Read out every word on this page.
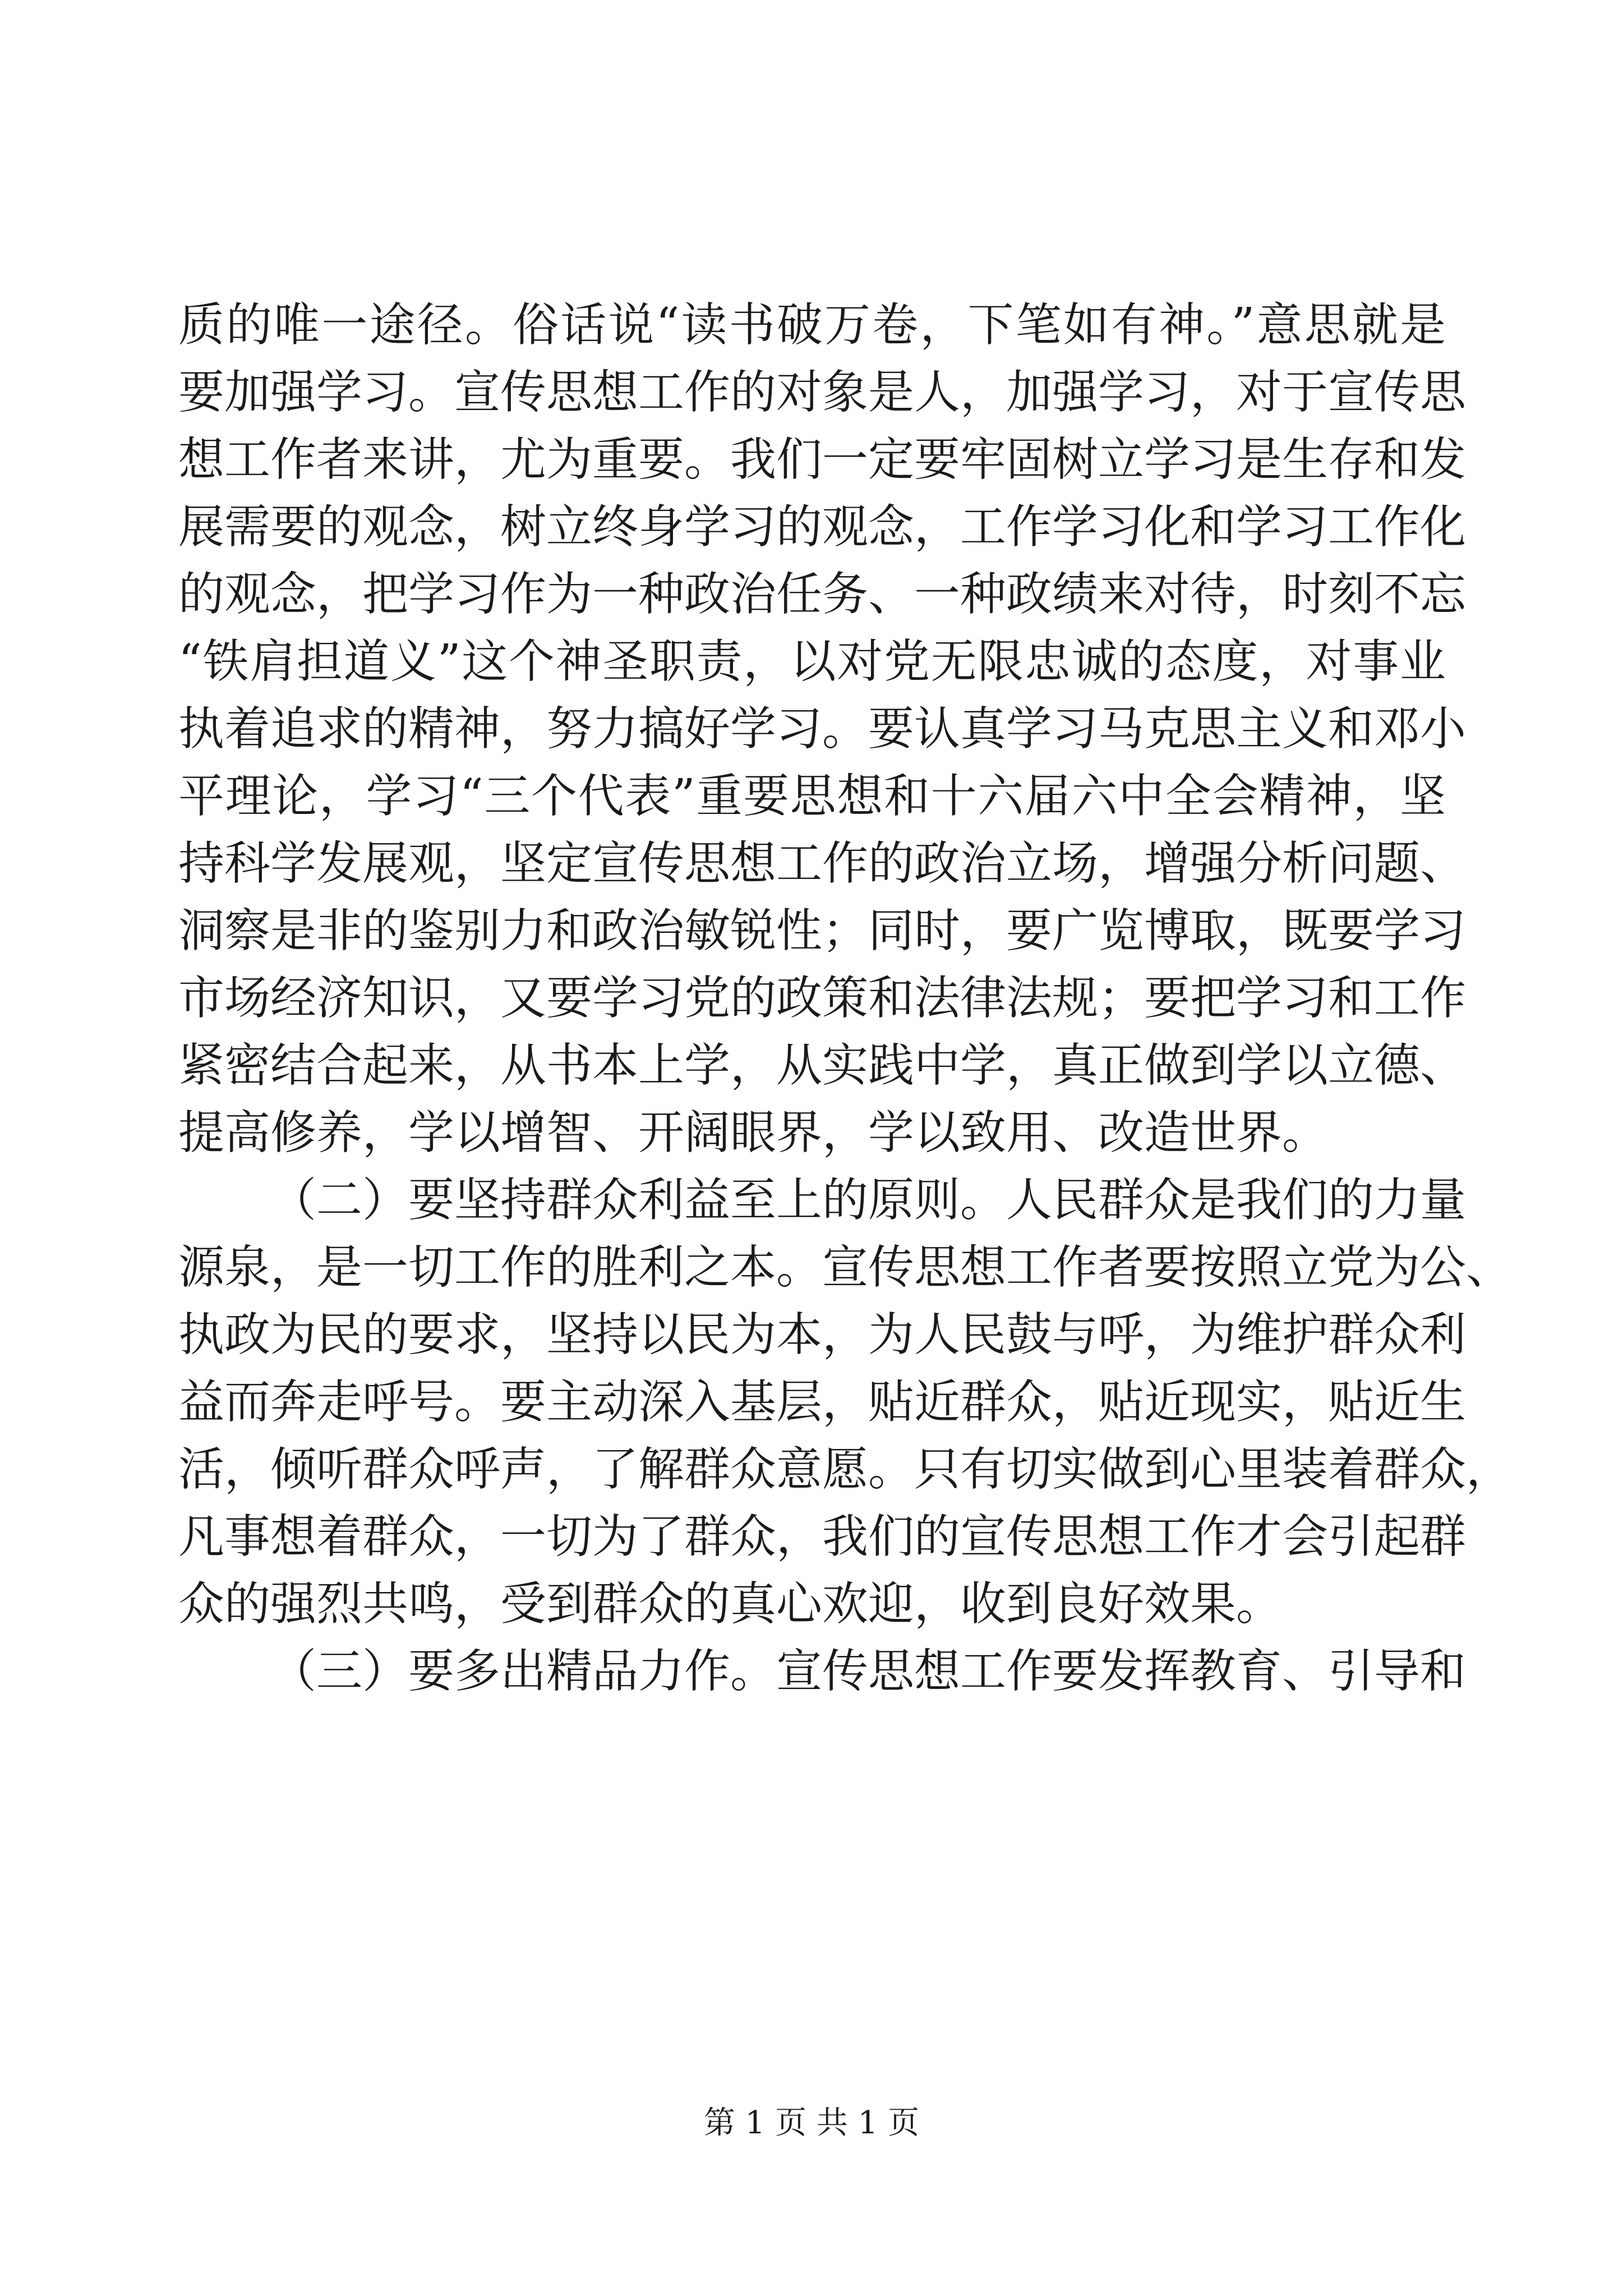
质的唯一途径。俗话说“读书破万卷，下笔如有神。”意思就是
要加强学习。宣传思想工作的对象是人，加强学习，对于宣传思
想工作者来讲，尤为重要。我们一定要牢固树立学习是生存和发
展需要的观念，树立终身学习的观念，工作学习化和学习工作化
的观念，把学习作为一种政治任务、一种政绩来对待，时刻不忘
“铁肩担道义”这个神圣职责，以对党无限忠诚的态度，对事业
执着追求的精神，努力搞好学习。要认真学习马克思主义和邓小
平理论，学习“三个代表”重要思想和十六届六中全会精神，坚
持科学发展观，坚定宣传思想工作的政治立场，增强分析问题、
洞察是非的鉴别力和政治敏锐性；同时，要广览博取，既要学习
市场经济知识，又要学习党的政策和法律法规；要把学习和工作
紧密结合起来，从书本上学，从实践中学，真正做到学以立德、
提高修养，学以增智、开阔眼界，学以致用、改造世界。
（二）要坚持群众利益至上的原则。人民群众是我们的力量
源泉，是一切工作的胜利之本。宣传思想工作者要按照立党为公、
执政为民的要求，坚持以民为本，为人民鼓与呼，为维护群众利
益而奔走呼号。要主动深入基层，贴近群众，贴近现实，贴近生
活，倾听群众呼声，了解群众意愿。只有切实做到心里装着群众，
凡事想着群众，一切为了群众，我们的宣传思想工作才会引起群
众的强烈共鸣，受到群众的真心欢迎，收到良好效果。
（三）要多出精品力作。宣传思想工作要发挥教育、引导和
第 1 页 共 1 页
